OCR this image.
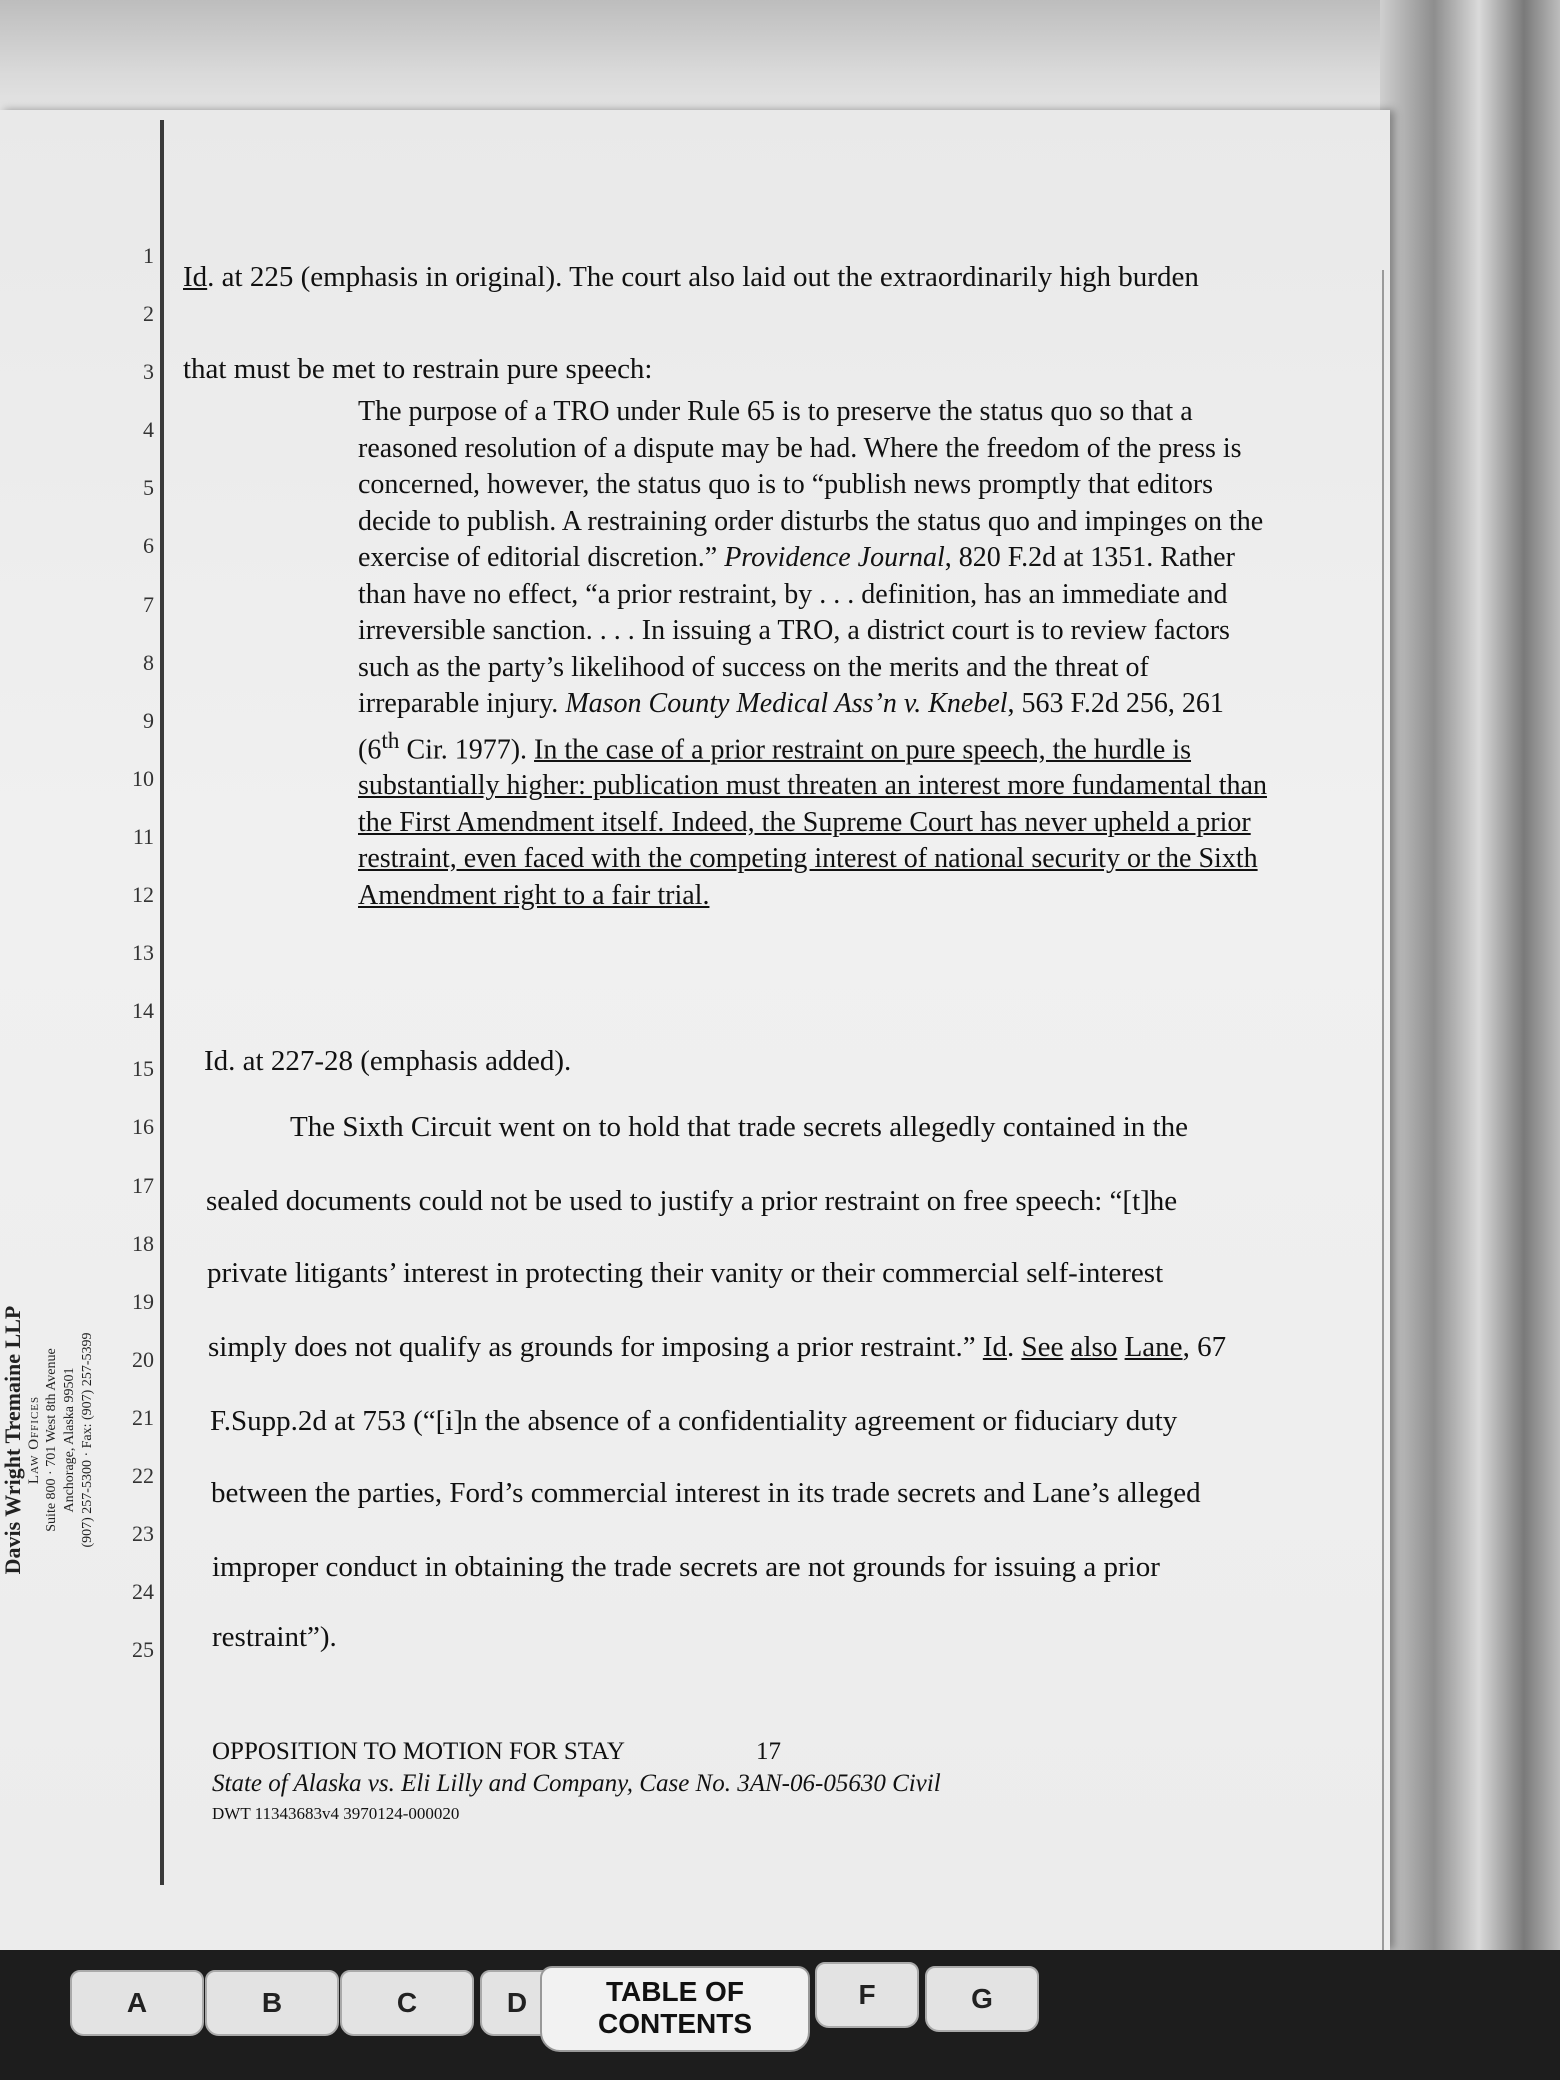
1
2
3
4
5
6
7
8
9
10
11
12
13
14
15
16
17
18
19
20
21
22
23
24
25
Davis Wright Tremaine LLP Law Offices Suite 800 · 701 West 8th Avenue Anchorage, Alaska 99501 (907) 257-5300 · Fax: (907) 257-5399
Id. at 225 (emphasis in original). The court also laid out the extraordinarily high burden
that must be met to restrain pure speech:
The purpose of a TRO under Rule 65 is to preserve the status quo so that a reasoned resolution of a dispute may be had. Where the freedom of the press is concerned, however, the status quo is to “publish news promptly that editors decide to publish. A restraining order disturbs the status quo and impinges on the exercise of editorial discretion.” Providence Journal, 820 F.2d at 1351. Rather than have no effect, “a prior restraint, by . . . definition, has an immediate and irreversible sanction. . . . In issuing a TRO, a district court is to review factors such as the party’s likelihood of success on the merits and the threat of irreparable injury. Mason County Medical Ass’n v. Knebel, 563 F.2d 256, 261 (6th Cir. 1977). In the case of a prior restraint on pure speech, the hurdle is substantially higher: publication must threaten an interest more fundamental than the First Amendment itself. Indeed, the Supreme Court has never upheld a prior restraint, even faced with the competing interest of national security or the Sixth Amendment right to a fair trial.
Id. at 227-28 (emphasis added).
The Sixth Circuit went on to hold that trade secrets allegedly contained in the
sealed documents could not be used to justify a prior restraint on free speech: “[t]he
private litigants’ interest in protecting their vanity or their commercial self-interest
simply does not qualify as grounds for imposing a prior restraint.” Id. See also Lane, 67
F.Supp.2d at 753 (“[i]n the absence of a confidentiality agreement or fiduciary duty
between the parties, Ford’s commercial interest in its trade secrets and Lane’s alleged
improper conduct in obtaining the trade secrets are not grounds for issuing a prior
restraint”).
OPPOSITION TO MOTION FOR STAY	17
State of Alaska vs. Eli Lilly and Company, Case No. 3AN-06-05630 Civil
DWT 11343683v4 3970124-000020
A	B	C	D	TABLE OF
CONTENTS
F	G
